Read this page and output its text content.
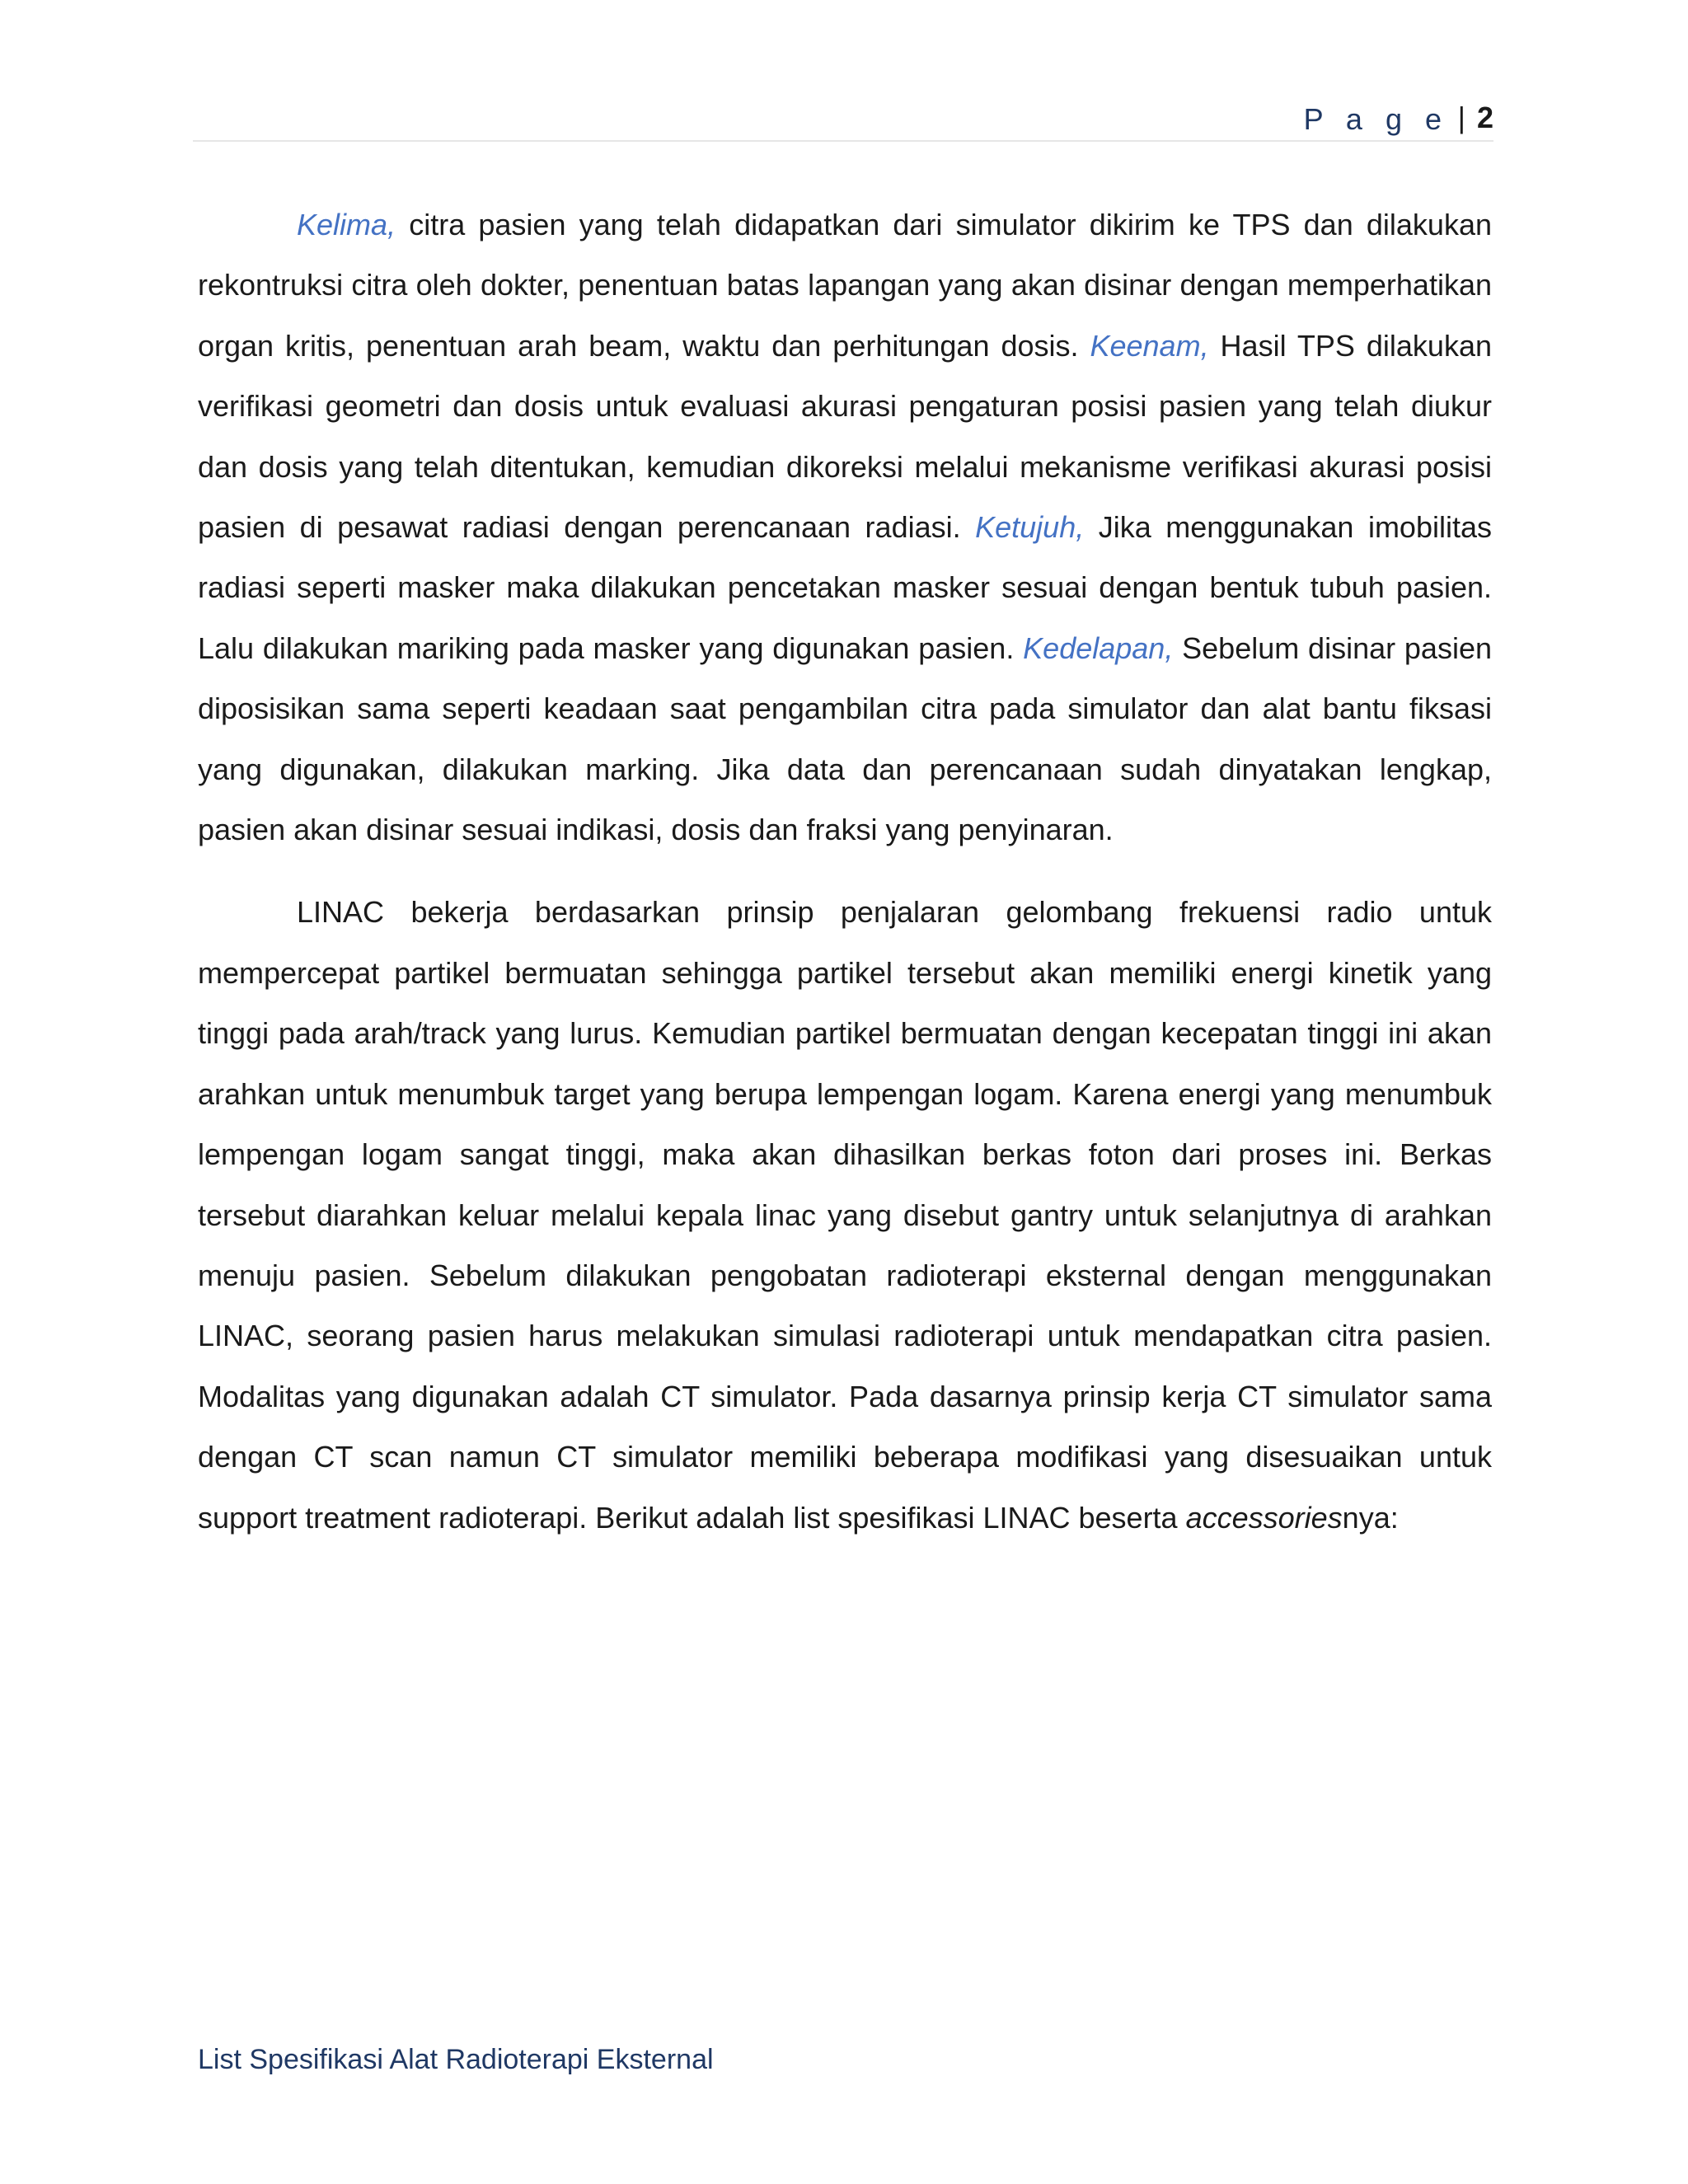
P a g e | 2

Kelima, citra pasien yang telah didapatkan dari simulator dikirim ke TPS dan dilakukan rekontruksi citra oleh dokter, penentuan batas lapangan yang akan disinar dengan memperhatikan organ kritis, penentuan arah beam, waktu dan perhitungan dosis. Keenam, Hasil TPS dilakukan verifikasi geometri dan dosis untuk evaluasi akurasi pengaturan posisi pasien yang telah diukur dan dosis yang telah ditentukan, kemudian dikoreksi melalui mekanisme verifikasi akurasi posisi pasien di pesawat radiasi dengan perencanaan radiasi. Ketujuh, Jika menggunakan imobilitas radiasi seperti masker maka dilakukan pencetakan masker sesuai dengan bentuk tubuh pasien. Lalu dilakukan mariking pada masker yang digunakan pasien. Kedelapan, Sebelum disinar pasien diposisikan sama seperti keadaan saat pengambilan citra pada simulator dan alat bantu fiksasi yang digunakan, dilakukan marking. Jika data dan perencanaan sudah dinyatakan lengkap, pasien akan disinar sesuai indikasi, dosis dan fraksi yang penyinaran.

LINAC bekerja berdasarkan prinsip penjalaran gelombang frekuensi radio untuk mempercepat partikel bermuatan sehingga partikel tersebut akan memiliki energi kinetik yang tinggi pada arah/track yang lurus. Kemudian partikel bermuatan dengan kecepatan tinggi ini akan arahkan untuk menumbuk target yang berupa lempengan logam. Karena energi yang menumbuk lempengan logam sangat tinggi, maka akan dihasilkan berkas foton dari proses ini. Berkas tersebut diarahkan keluar melalui kepala linac yang disebut gantry untuk selanjutnya di arahkan menuju pasien. Sebelum dilakukan pengobatan radioterapi eksternal dengan menggunakan LINAC, seorang pasien harus melakukan simulasi radioterapi untuk mendapatkan citra pasien. Modalitas yang digunakan adalah CT simulator. Pada dasarnya prinsip kerja CT simulator sama dengan CT scan namun CT simulator memiliki beberapa modifikasi yang disesuaikan untuk support treatment radioterapi. Berikut adalah list spesifikasi LINAC beserta accessoriesnya:

List Spesifikasi Alat Radioterapi Eksternal
